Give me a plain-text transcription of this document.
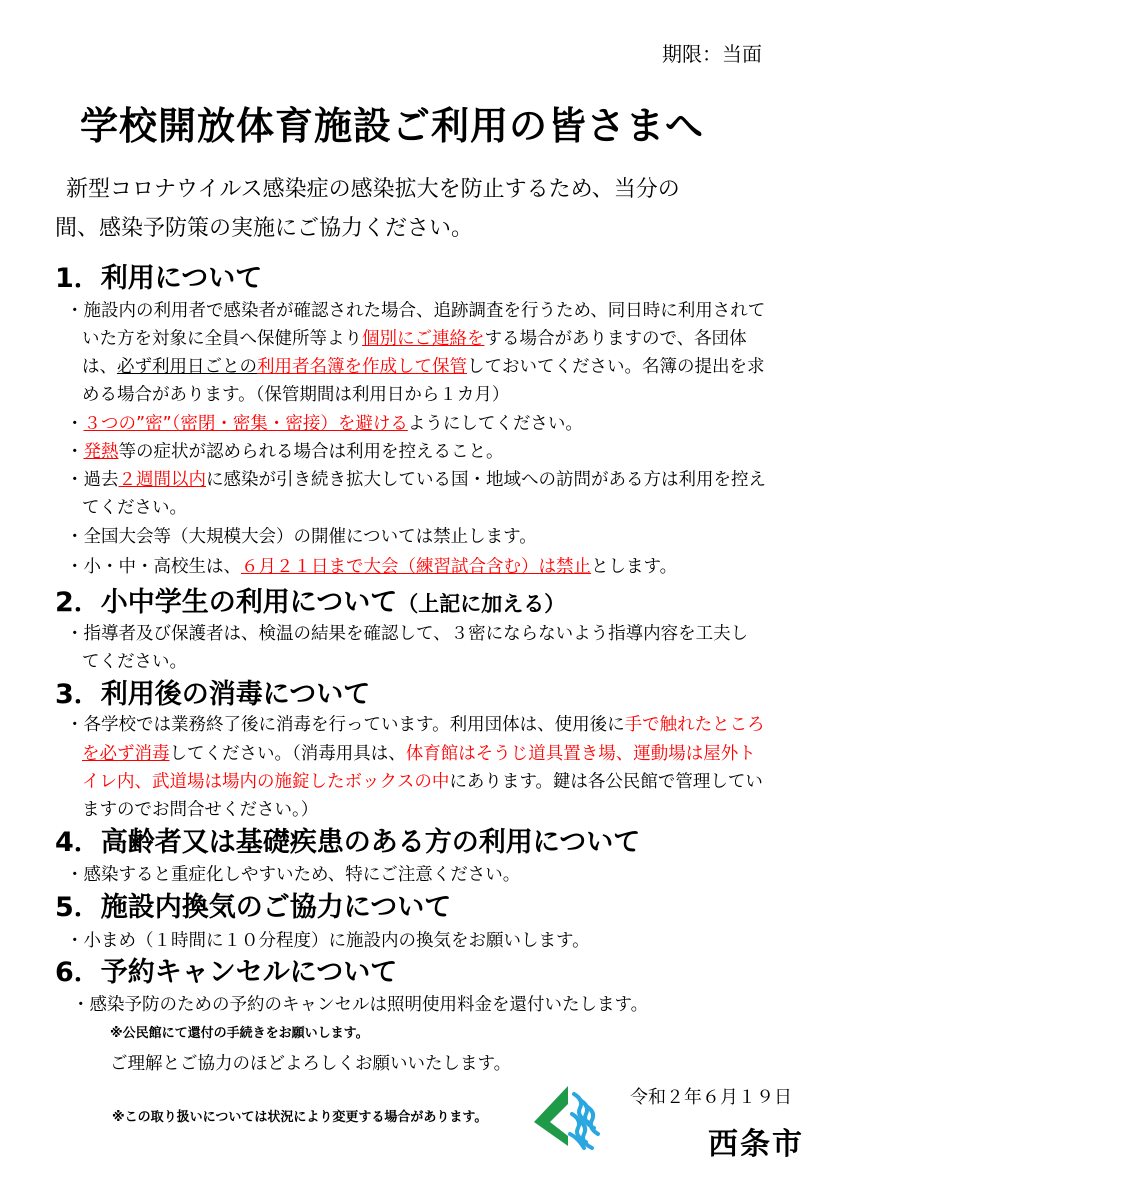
期限：当面
学校開放体育施設ご利用の皆さまへ
新型コロナウイルス感染症の感染拡大を防止するため、当分の
間、感染予防策の実施にご協力ください。
1．利用について
・施設内の利用者で感染者が確認された場合、追跡調査を行うため、同日時に利用されて
いた方を対象に全員へ保健所等より個別にご連絡をする場合がありますので、各団体
は、必ず利用日ごとの利用者名簿を作成して保管しておいてください。名簿の提出を求
める場合があります。（保管期間は利用日から１カ月）
・３つの”密”（密閉・密集・密接）を避けるようにしてください。
・発熱等の症状が認められる場合は利用を控えること。
・過去２週間以内に感染が引き続き拡大している国・地域への訪問がある方は利用を控え
てください。
・全国大会等（大規模大会）の開催については禁止します。
・小・中・高校生は、６月２１日まで大会（練習試合含む）は禁止とします。
2．小中学生の利用について（上記に加える）
・指導者及び保護者は、検温の結果を確認して、３密にならないよう指導内容を工夫し
てください。
3．利用後の消毒について
・各学校では業務終了後に消毒を行っています。利用団体は、使用後に手で触れたところ
を必ず消毒してください。（消毒用具は、体育館はそうじ道具置き場、運動場は屋外ト
イレ内、武道場は場内の施錠したボックスの中にあります。鍵は各公民館で管理してい
ますのでお問合せください。）
4．高齢者又は基礎疾患のある方の利用について
・感染すると重症化しやすいため、特にご注意ください。
5．施設内換気のご協力について
・小まめ（１時間に１０分程度）に施設内の換気をお願いします。
6．予約キャンセルについて
・感染予防のための予約のキャンセルは照明使用料金を還付いたします。
※公民館にて還付の手続きをお願いします。
ご理解とご協力のほどよろしくお願いいたします。
※この取り扱いについては状況により変更する場合があります。
令和２年６月１９日
西条市
